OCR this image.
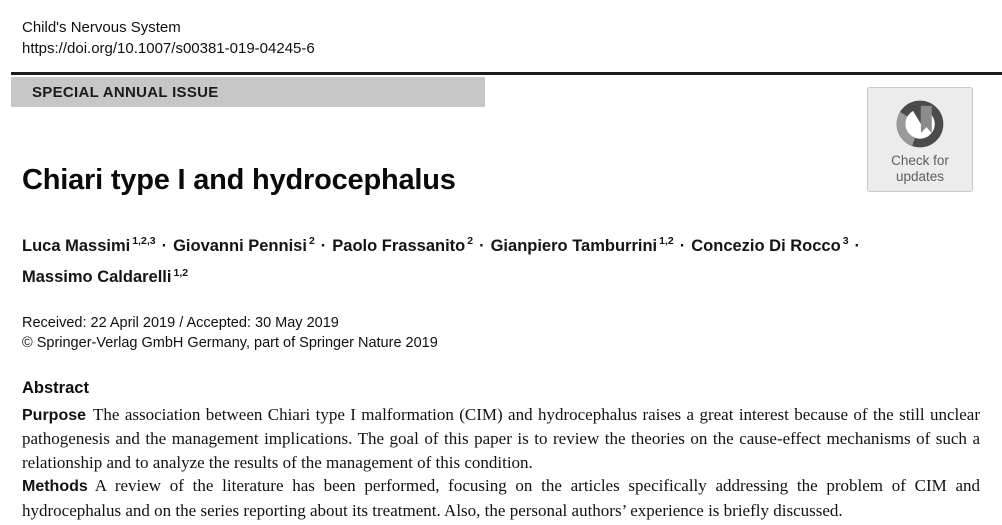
Child's Nervous System
https://doi.org/10.1007/s00381-019-04245-6
SPECIAL ANNUAL ISSUE
Check for
updates
Chiari type I and hydrocephalus
Luca Massimi $^{1,2,3}$ · Giovanni Pennisi $^2$ · Paolo Frassanito $^2$ · Gianpiero Tamburrini $^{1,2}$ · Concezio Di Rocco $^3$ ·
Massimo Caldarelli $^{1,2}$
Received: 22 April 2019 / Accepted: 30 May 2019
© Springer-Verlag GmbH Germany, part of Springer Nature 2019
Abstract

Purpose The association between Chiari type I malformation (CIM) and hydrocephalus raises a great interest because of the still unclear pathogenesis and the management implications. The goal of this paper is to review the theories on the cause-effect mechanisms of such a relationship and to analyze the results of the management of this condition.

Methods A review of the literature has been performed, focusing on the articles specifically addressing the problem of CIM and hydrocephalus and on the series reporting about its treatment. Also, the personal authors’ experience is briefly discussed.
